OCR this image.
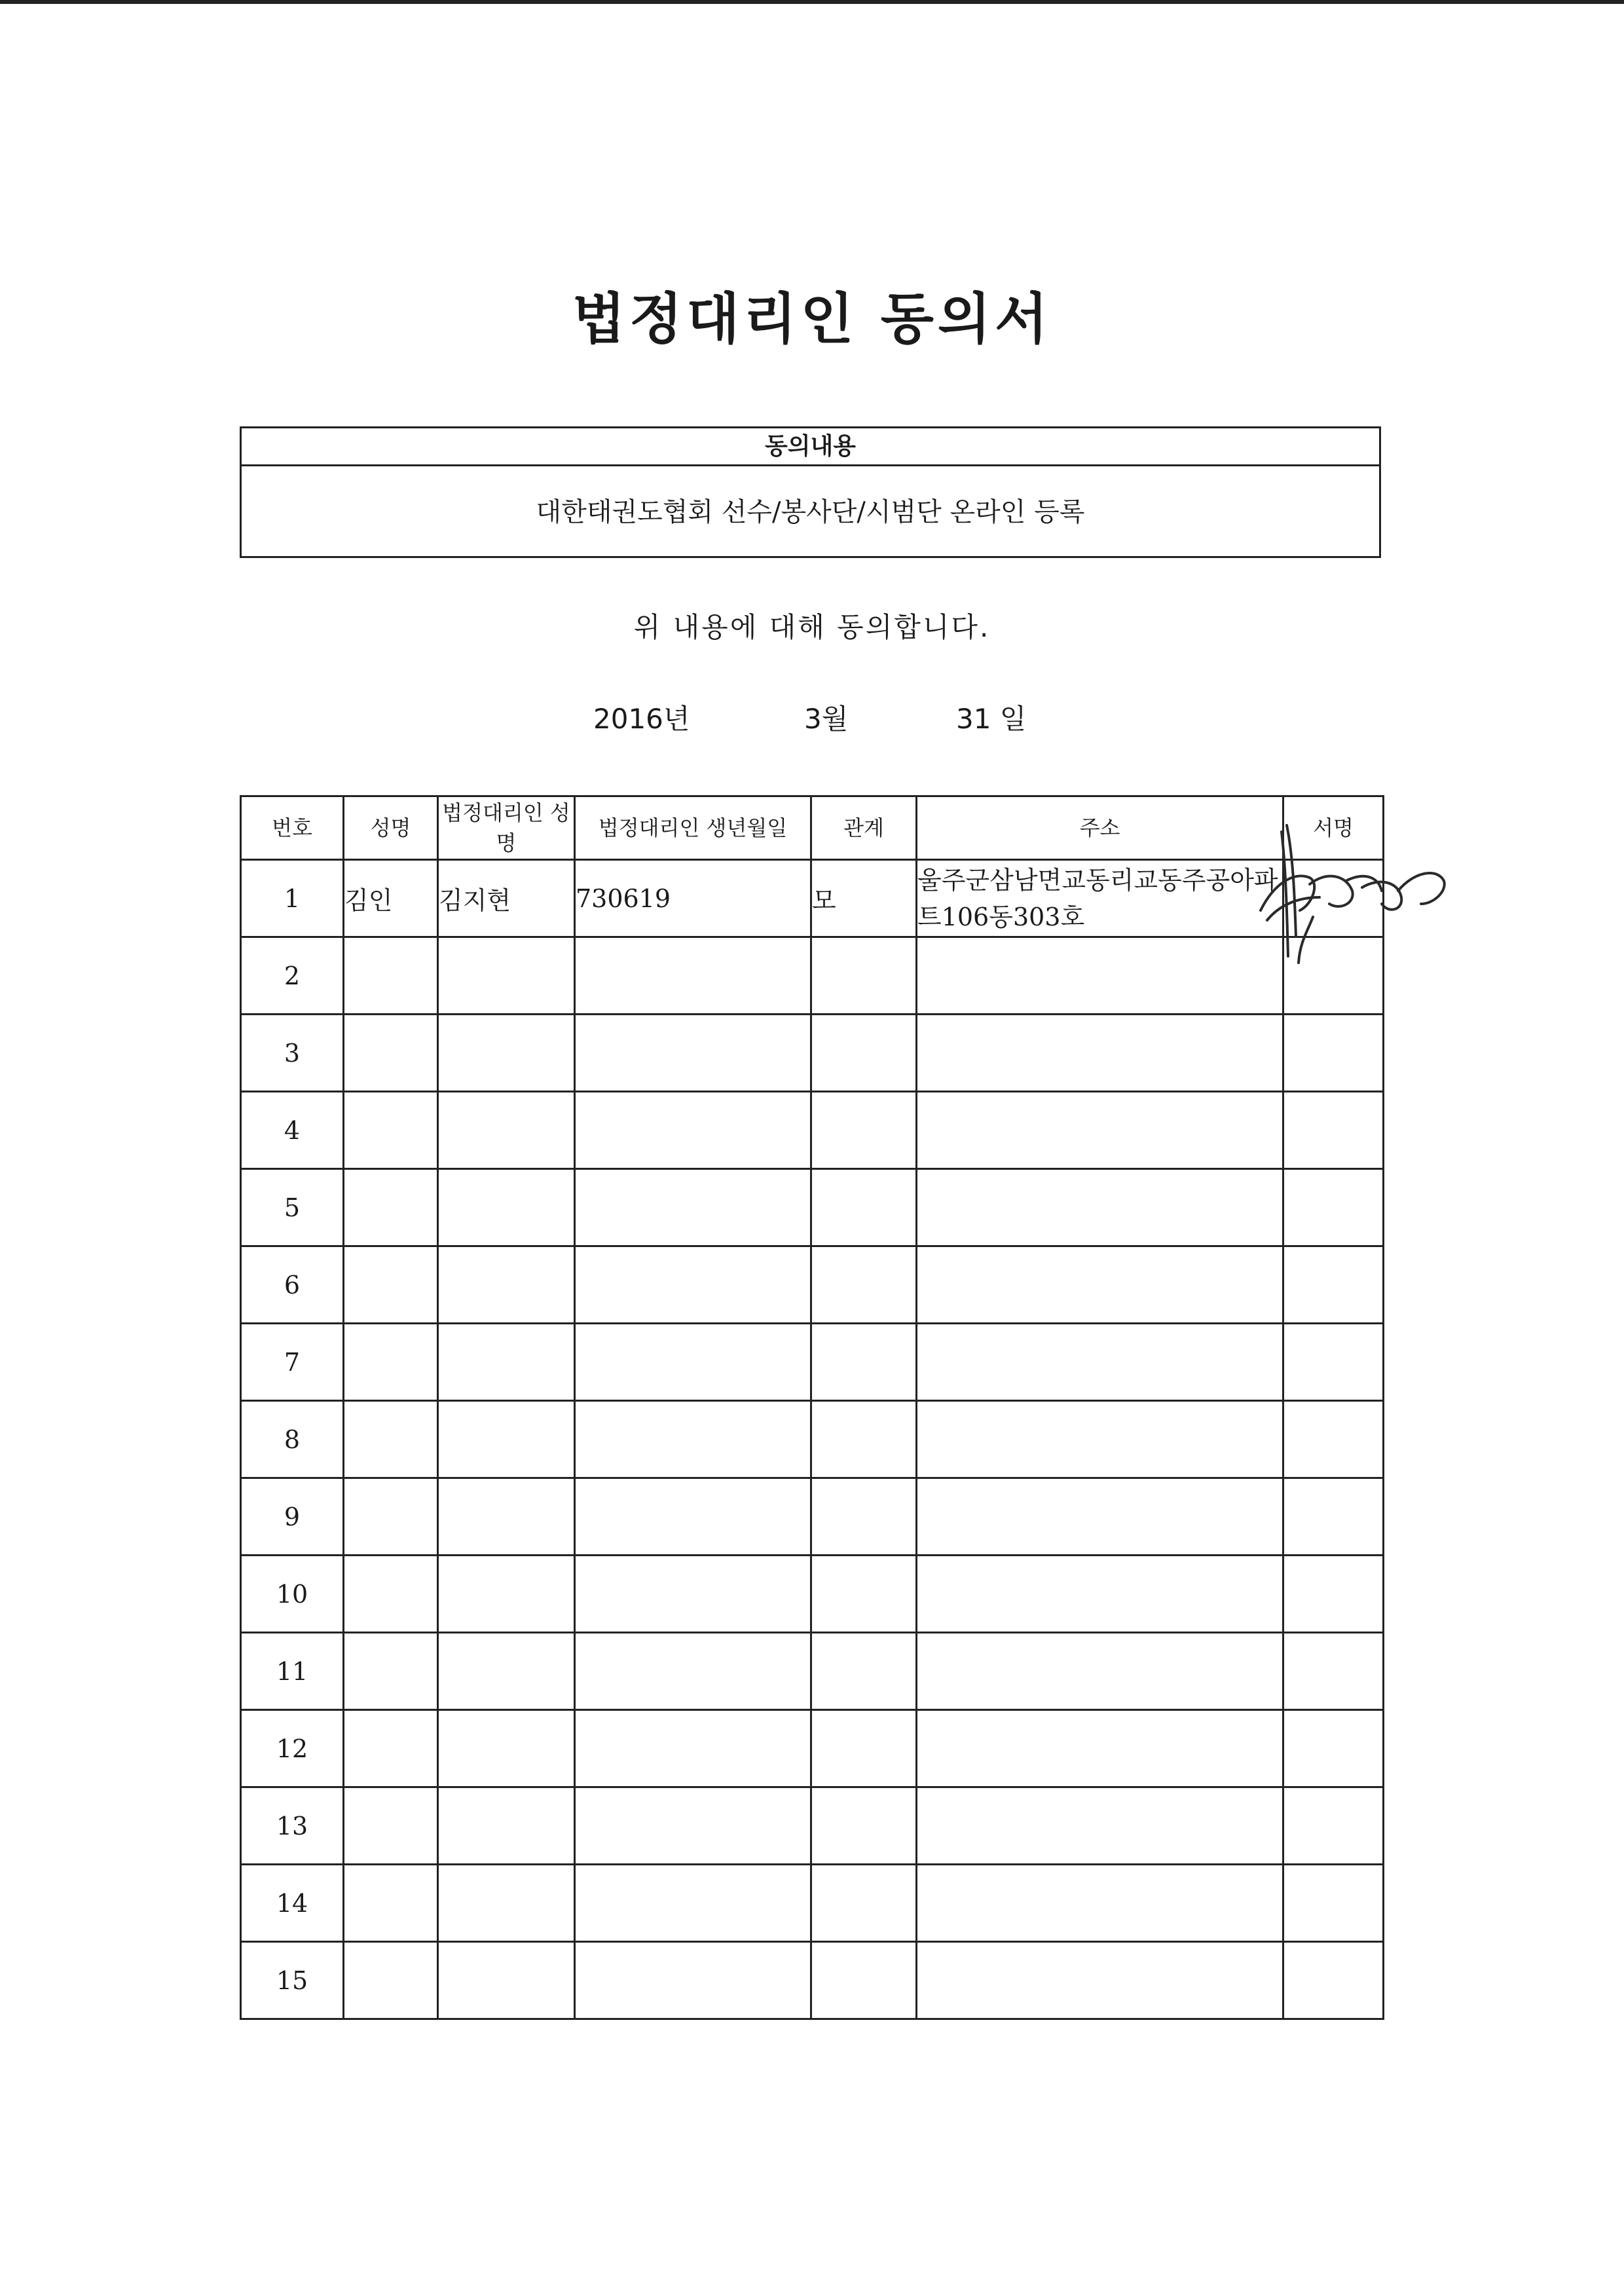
법정대리인 동의서
동의내용
대한태권도협회 선수/봉사단/시범단 온라인 등록
위 내용에 대해 동의합니다.
2016년	3월	31 일
번호	성명	법정대리인 성명	법정대리인 생년월일	관계	주소	서명
1	김인	김지현	730619	모	울주군삼남면교동리교동주공아파트106동303호	
2						
3						
4						
5						
6						
7						
8						
9						
10						
11						
12						
13						
14						
15						
